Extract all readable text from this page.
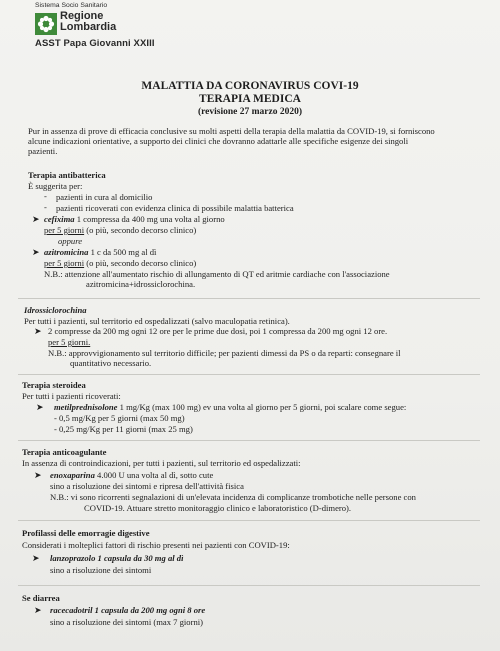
Sistema Socio Sanitario
Regione
Lombardia
ASST Papa Giovanni XXIII
MALATTIA DA CORONAVIRUS COVI-19
TERAPIA MEDICA
(revisione 27 marzo 2020)
Pur in assenza di prove di efficacia conclusive su molti aspetti della terapia della malattia da COVID-19, si forniscono
alcune indicazioni orientative, a supporto dei clinici che dovranno adattarle alle specifiche esigenze dei singoli
pazienti.
Terapia antibatterica
È suggerita per:
- pazienti in cura al domicilio
- pazienti ricoverati con evidenza clinica di possibile malattia batterica
➤ cefixima 1 compressa da 400 mg una volta al giorno
per 5 giorni (o più, secondo decorso clinico)
oppure
➤ azitromicina 1 c da 500 mg al dì
per 5 giorni (o più, secondo decorso clinico)
N.B.: attenzione all'aumentato rischio di allungamento di QT ed aritmie cardiache con l'associazione
azitromicina+idrossiclorochina.
Idrossiclorochina
Per tutti i pazienti, sul territorio ed ospedalizzati (salvo maculopatia retinica).
➤ 2 compresse da 200 mg ogni 12 ore per le prime due dosi, poi 1 compressa da 200 mg ogni 12 ore.
per 5 giorni.
N.B.: approvvigionamento sul territorio difficile; per pazienti dimessi da PS o da reparti: consegnare il
quantitativo necessario.
Terapia steroidea
Per tutti i pazienti ricoverati:
➤ metilprednisolone 1 mg/Kg (max 100 mg) ev una volta al giorno per 5 giorni, poi scalare come segue:
- 0,5 mg/Kg per 5 giorni (max 50 mg)
- 0,25 mg/Kg per 11 giorni (max 25 mg)
Terapia anticoagulante
In assenza di controindicazioni, per tutti i pazienti, sul territorio ed ospedalizzati:
➤ enoxaparina 4.000 U una volta al dì, sotto cute
sino a risoluzione dei sintomi e ripresa dell'attività fisica
N.B.: vi sono ricorrenti segnalazioni di un'elevata incidenza di complicanze trombotiche nelle persone con
COVID-19. Attuare stretto monitoraggio clinico e laboratoristico (D-dimero).
Profilassi delle emorragie digestive
Considerati i molteplici fattori di rischio presenti nei pazienti con COVID-19:
➤ lanzoprazolo 1 capsula da 30 mg al dì
sino a risoluzione dei sintomi
Se diarrea
➤ racecadotril 1 capsula da 200 mg ogni 8 ore
sino a risoluzione dei sintomi (max 7 giorni)
